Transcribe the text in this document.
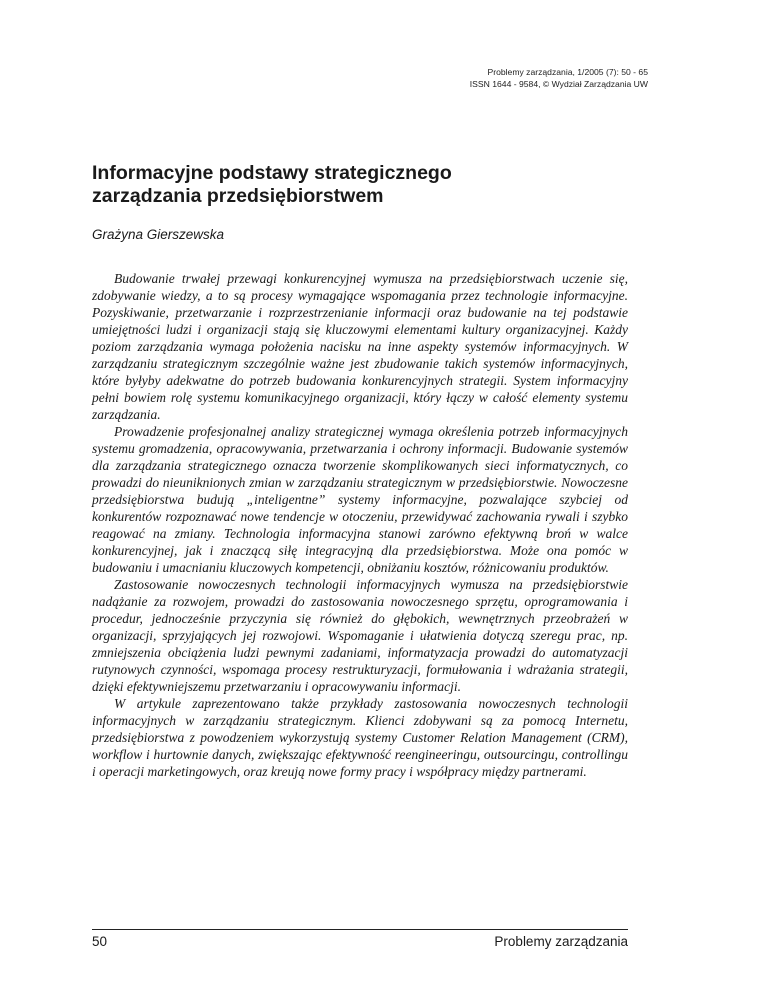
Problemy zarządzania, 1/2005 (7): 50 - 65
ISSN 1644 - 9584, © Wydział Zarządzania UW
Informacyjne podstawy strategicznego
zarządzania przedsiębiorstwem
Grażyna Gierszewska

Budowanie trwałej przewagi konkurencyjnej wymusza na przedsiębiorstwach uczenie się, zdobywanie wiedzy, a to są procesy wymagające wspomagania przez technologie informacyjne. Pozyskiwanie, przetwarzanie i rozprzestrzenianie informacji oraz budowanie na tej podstawie umiejętności ludzi i organizacji stają się kluczowymi elementami kultury organizacyjnej. Każdy poziom zarządzania wymaga położenia nacisku na inne aspekty systemów informacyjnych. W zarządzaniu strategicznym szczególnie ważne jest zbudowanie takich systemów informacyjnych, które byłyby adekwatne do potrzeb budowania konkurencyjnych strategii. System informacyjny pełni bowiem rolę systemu komunikacyjnego organizacji, który łączy w całość elementy systemu zarządzania.

Prowadzenie profesjonalnej analizy strategicznej wymaga określenia potrzeb informacyjnych systemu gromadzenia, opracowywania, przetwarzania i ochrony informacji. Budowanie systemów dla zarządzania strategicznego oznacza tworzenie skomplikowanych sieci informatycznych, co prowadzi do nieuniknionych zmian w zarządzaniu strategicznym w przedsiębiorstwie. Nowoczesne przedsiębiorstwa budują „inteligentne” systemy informacyjne, pozwalające szybciej od konkurentów rozpoznawać nowe tendencje w otoczeniu, przewidywać zachowania rywali i szybko reagować na zmiany. Technologia informacyjna stanowi zarówno efektywną broń w walce konkurencyjnej, jak i znaczącą siłę integracyjną dla przedsiębiorstwa. Może ona pomóc w budowaniu i umacnianiu kluczowych kompetencji, obniżaniu kosztów, różnicowaniu produktów.

Zastosowanie nowoczesnych technologii informacyjnych wymusza na przedsiębiorstwie nadążanie za rozwojem, prowadzi do zastosowania nowoczesnego sprzętu, oprogramowania i procedur, jednocześnie przyczynia się również do głębokich, wewnętrznych przeobrażeń w organizacji, sprzyjających jej rozwojowi. Wspomaganie i ułatwienia dotyczą szeregu prac, np. zmniejszenia obciążenia ludzi pewnymi zadaniami, informatyzacja prowadzi do automatyzacji rutynowych czynności, wspomaga procesy restrukturyzacji, formułowania i wdrażania strategii, dzięki efektywniejszemu przetwarzaniu i opracowywaniu informacji.

W artykule zaprezentowano także przykłady zastosowania nowoczesnych technologii informacyjnych w zarządzaniu strategicznym. Klienci zdobywani są za pomocą Internetu, przedsiębiorstwa z powodzeniem wykorzystują systemy Customer Relation Management (CRM), workflow i hurtownie danych, zwiększając efektywność reengineeringu, outsourcingu, controllingu i operacji marketingowych, oraz kreują nowe formy pracy i współpracy między partnerami.

50	Problemy zarządzania
